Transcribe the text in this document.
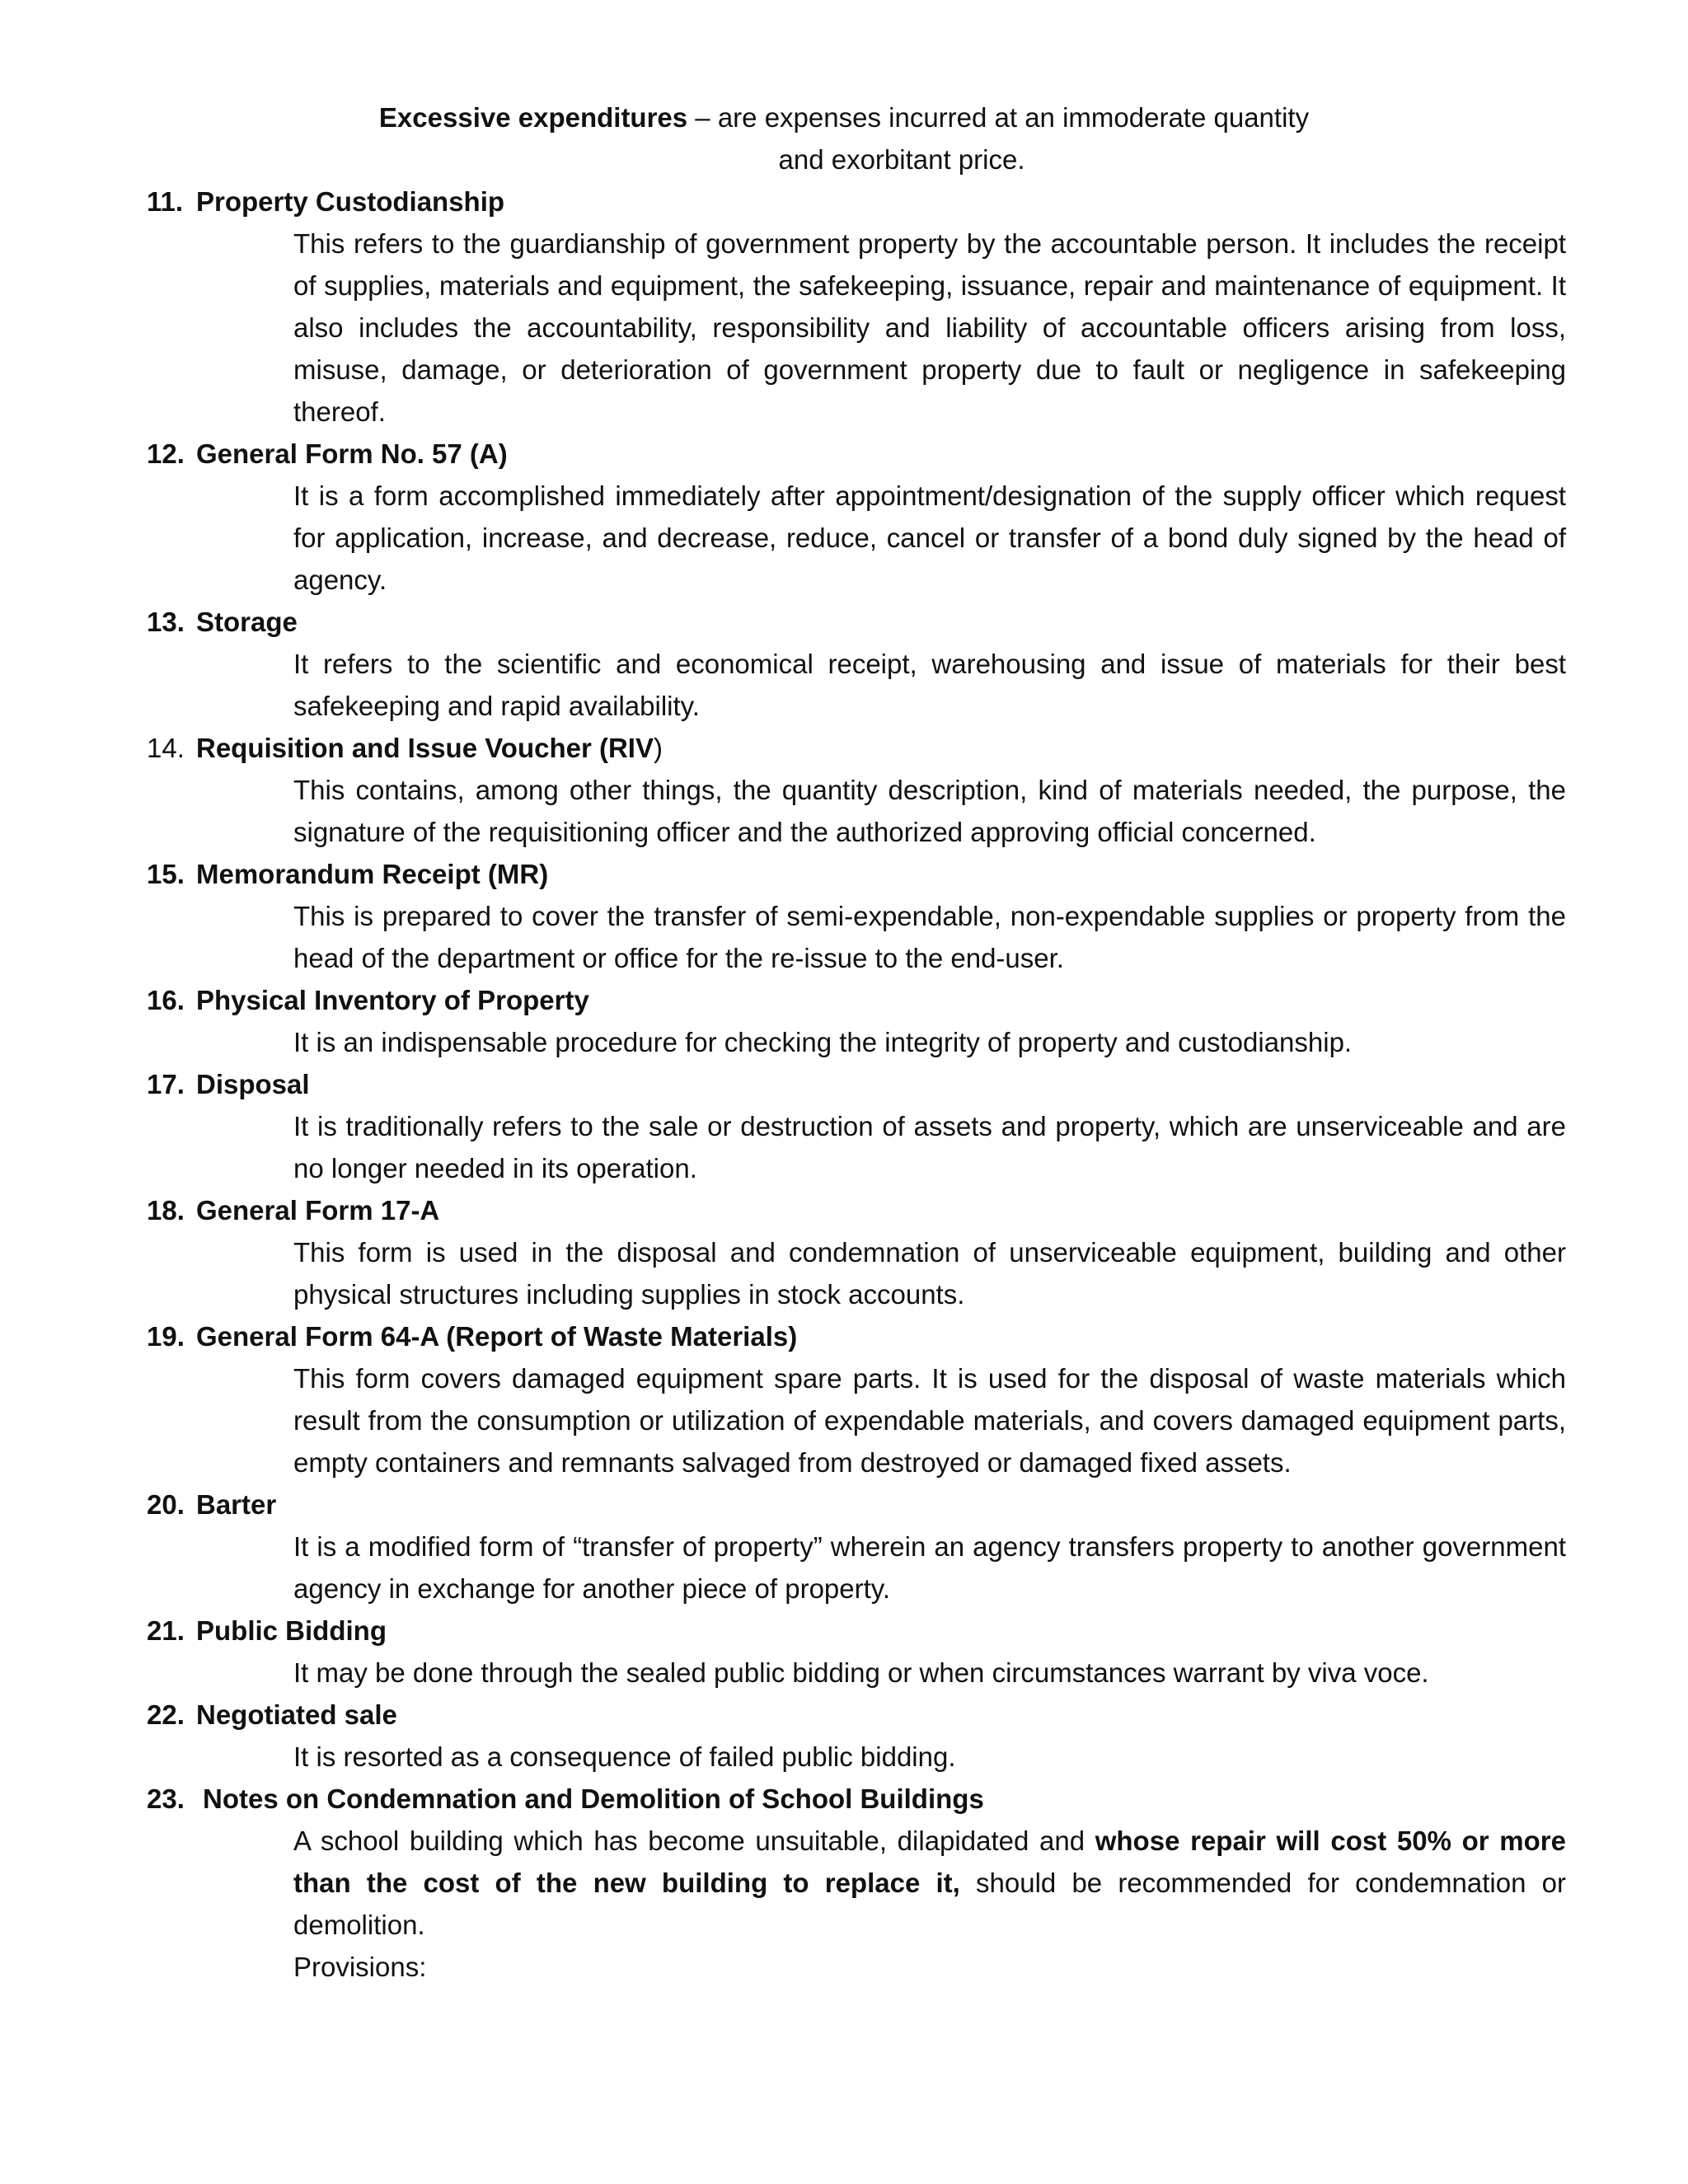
Excessive expenditures – are expenses incurred at an immoderate quantity
and exorbitant price.
11. Property Custodianship
This refers to the guardianship of government property by the accountable person. It includes the receipt of supplies, materials and equipment, the safekeeping, issuance, repair and maintenance of equipment. It also includes the accountability, responsibility and liability of accountable officers arising from loss, misuse, damage, or deterioration of government property due to fault or negligence in safekeeping thereof.
12. General Form No. 57 (A)
It is a form accomplished immediately after appointment/designation of the supply officer which request for application, increase, and decrease, reduce, cancel or transfer of a bond duly signed by the head of agency.
13. Storage
It refers to the scientific and economical receipt, warehousing and issue of materials for their best safekeeping and rapid availability.
14. Requisition and Issue Voucher (RIV)
This contains, among other things, the quantity description, kind of materials needed, the purpose, the signature of the requisitioning officer and the authorized approving official concerned.
15. Memorandum Receipt (MR)
This is prepared to cover the transfer of semi-expendable, non-expendable supplies or property from the head of the department or office for the re-issue to the end-user.
16. Physical Inventory of Property
It is an indispensable procedure for checking the integrity of property and custodianship.
17. Disposal
It is traditionally refers to the sale or destruction of assets and property, which are unserviceable and are no longer needed in its operation.
18. General Form 17-A
This form is used in the disposal and condemnation of unserviceable equipment, building and other physical structures including supplies in stock accounts.
19. General Form 64-A (Report of Waste Materials)
This form covers damaged equipment spare parts. It is used for the disposal of waste materials which result from the consumption or utilization of expendable materials, and covers damaged equipment parts, empty containers and remnants salvaged from destroyed or damaged fixed assets.
20. Barter
It is a modified form of “transfer of property” wherein an agency transfers property to another government agency in exchange for another piece of property.
21. Public Bidding
It may be done through the sealed public bidding or when circumstances warrant by viva voce.
22. Negotiated sale
It is resorted as a consequence of failed public bidding.
23. Notes on Condemnation and Demolition of School Buildings
A school building which has become unsuitable, dilapidated and whose repair will cost 50% or more than the cost of the new building to replace it, should be recommended for condemnation or demolition.
Provisions:
